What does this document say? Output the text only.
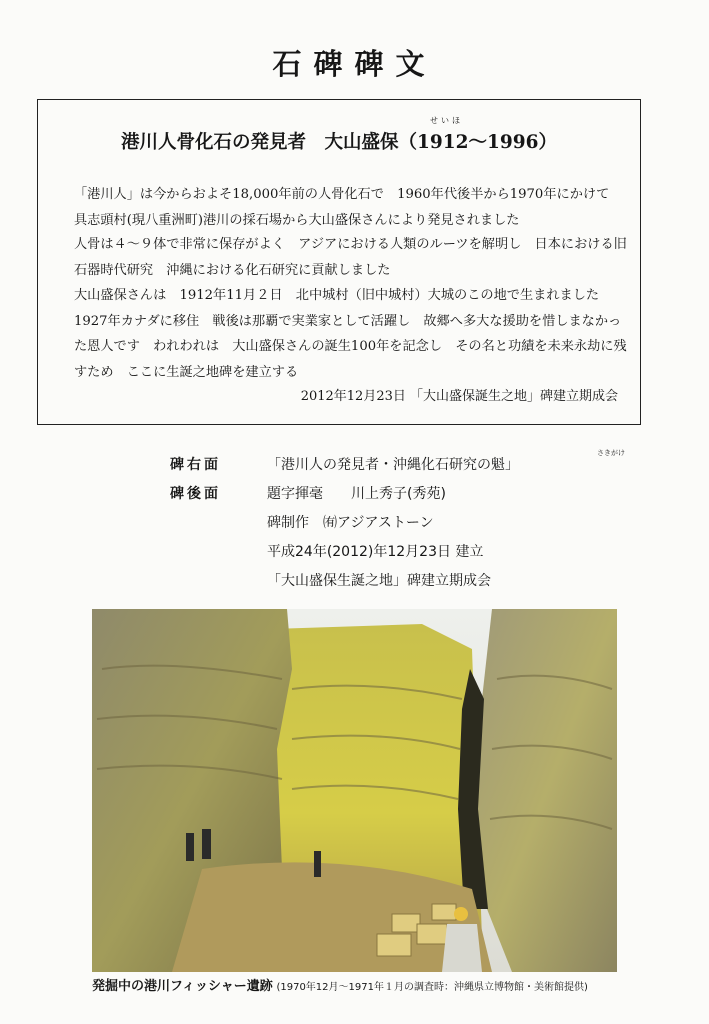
石碑碑文
せいほ
港川人骨化石の発見者　大山盛保（1912〜1996）

「港川人」は今からおよそ18,000年前の人骨化石で　1960年代後半から1970年にかけて　具志頭村(現八重洲町)港川の採石場から大山盛保さんにより発見されました

人骨は４〜９体で非常に保存がよく　アジアにおける人類のルーツを解明し　日本における旧石器時代研究　沖縄における化石研究に貢献しました

大山盛保さんは　1912年11月２日　北中城村（旧中城村）大城のこの地で生まれました 1927年カナダに移住　戦後は那覇で実業家として活躍し　故郷へ多大な援助を惜しまなかった恩人です　われわれは　大山盛保さんの誕生100年を記念し　その名と功績を未来永劫に残すため　ここに生誕之地碑を建立する

2012年12月23日 「大山盛保誕生之地」碑建立期成会
碑右面
さきがけ
「港川人の発見者・沖縄化石研究の魁」
碑後面	題字揮毫　　川上秀子(秀苑)
碑制作　㈲アジアストーン
平成24年(2012)年12月23日 建立
「大山盛保生誕之地」碑建立期成会
発掘中の港川フィッシャー遺跡 (1970年12月〜1971年１月の調査時：沖縄県立博物館・美術館提供)
